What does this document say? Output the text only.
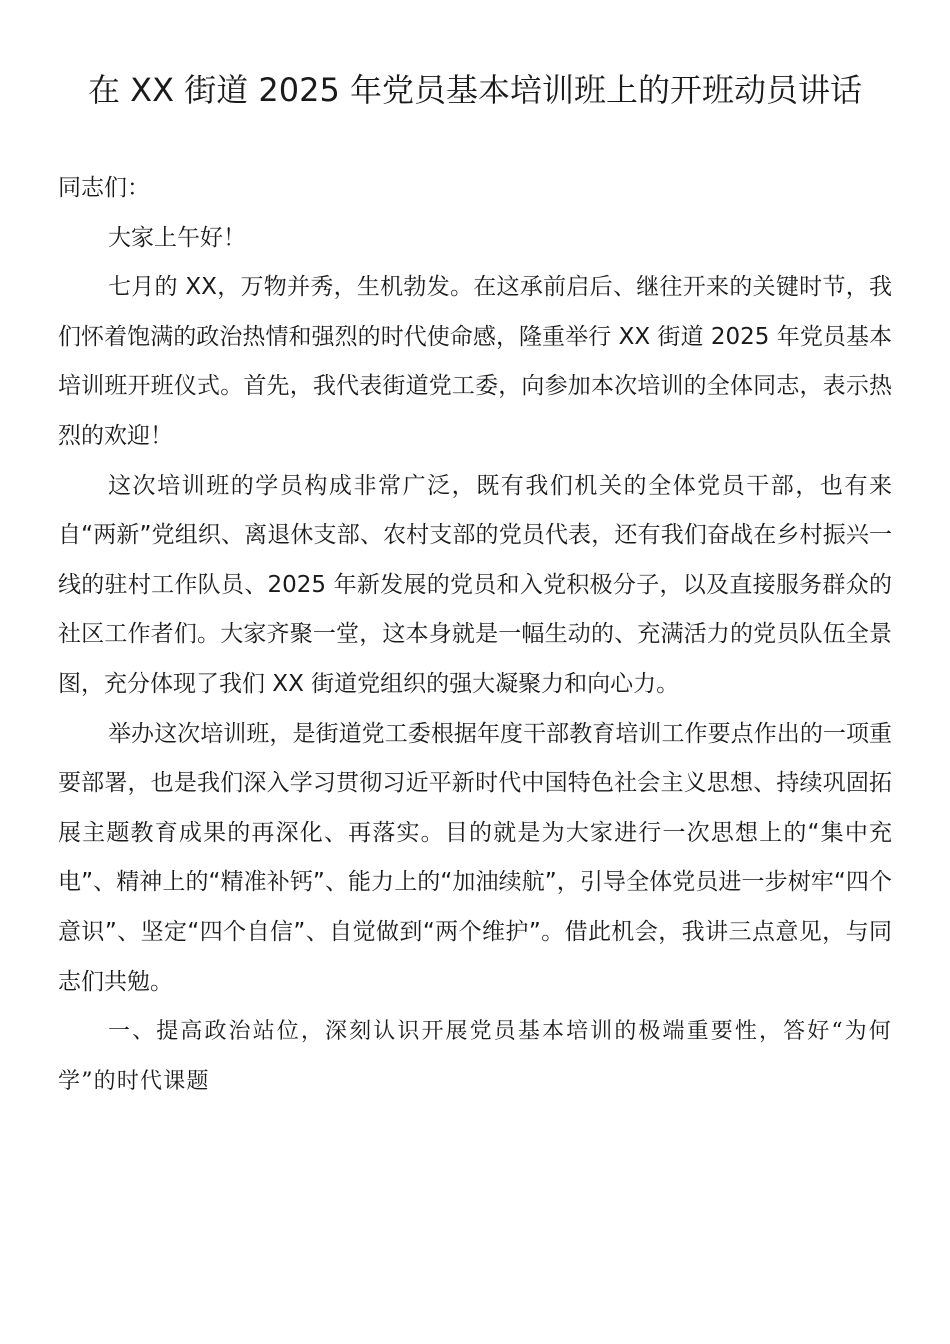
在 XX 街道 2025 年党员基本培训班上的开班动员讲话

同志们：

大家上午好！

七月的 XX，万物并秀，生机勃发。在这承前启后、继往开来的关键时节，我们怀着饱满的政治热情和强烈的时代使命感，隆重举行 XX 街道 2025 年党员基本培训班开班仪式。首先，我代表街道党工委，向参加本次培训的全体同志，表示热烈的欢迎！

这次培训班的学员构成非常广泛，既有我们机关的全体党员干部，也有来自“两新”党组织、离退休支部、农村支部的党员代表，还有我们奋战在乡村振兴一线的驻村工作队员、2025 年新发展的党员和入党积极分子，以及直接服务群众的社区工作者们。大家齐聚一堂，这本身就是一幅生动的、充满活力的党员队伍全景图，充分体现了我们 XX 街道党组织的强大凝聚力和向心力。

举办这次培训班，是街道党工委根据年度干部教育培训工作要点作出的一项重要部署，也是我们深入学习贯彻习近平新时代中国特色社会主义思想、持续巩固拓展主题教育成果的再深化、再落实。目的就是为大家进行一次思想上的“集中充电”、精神上的“精准补钙”、能力上的“加油续航”，引导全体党员进一步树牢“四个意识”、坚定“四个自信”、自觉做到“两个维护”。借此机会，我讲三点意见，与同志们共勉。

一、提高政治站位，深刻认识开展党员基本培训的极端重要性，答好“为何学”的时代课题
